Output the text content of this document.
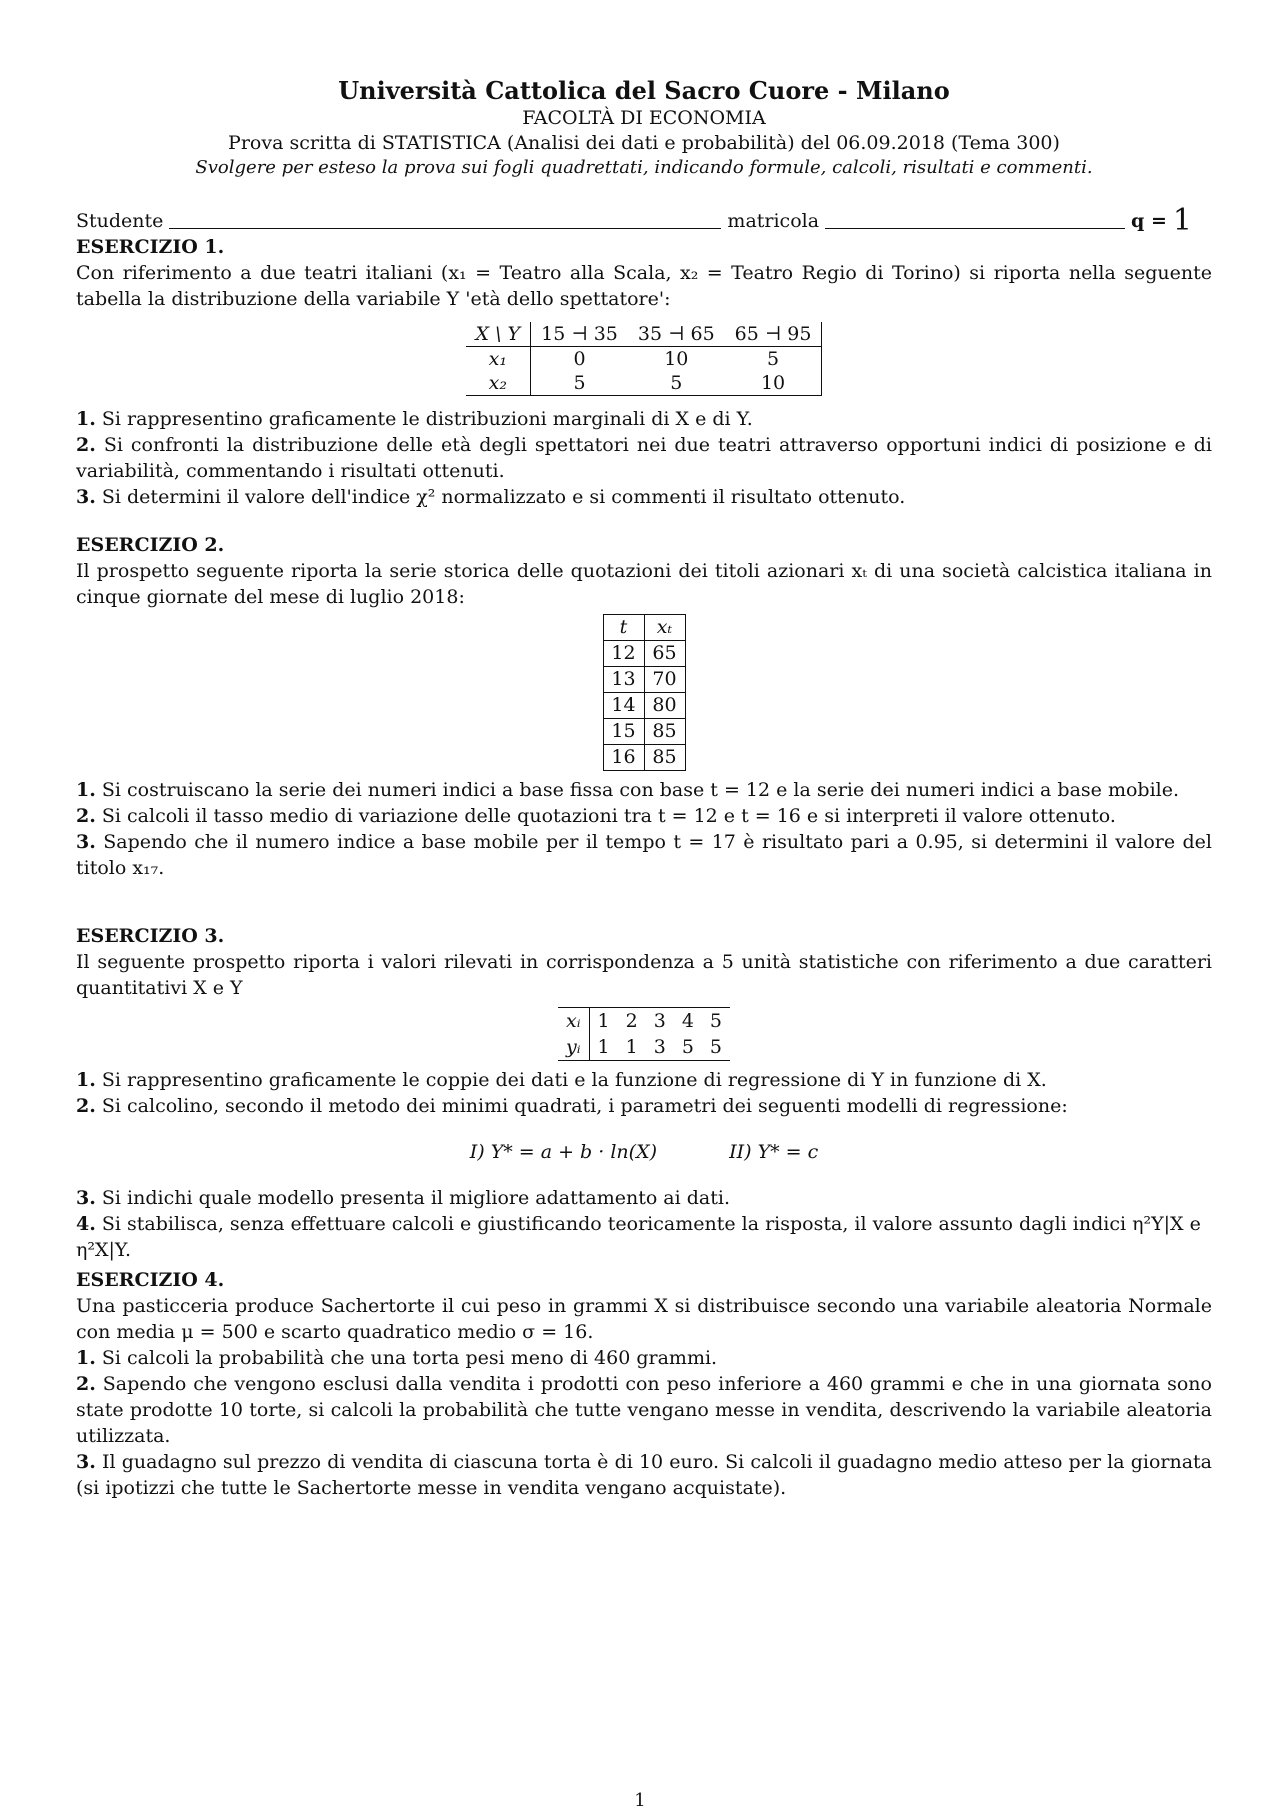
Università Cattolica del Sacro Cuore - Milano
FACOLTÀ DI ECONOMIA
Prova scritta di STATISTICA (Analisi dei dati e probabilità) del 06.09.2018 (Tema 300)
Svolgere per esteso la prova sui fogli quadrettati, indicando formule, calcoli, risultati e commenti.
Studente	matricola	q = 1
ESERCIZIO 1.
Con riferimento a due teatri italiani (x₁ = Teatro alla Scala, x₂ = Teatro Regio di Torino) si riporta nella seguente tabella la distribuzione della variabile Y 'età dello spettatore':
X \ Y	15 ⊣ 35	35 ⊣ 65	65 ⊣ 95
x₁	0	10	5
x₂	5	5	10
1. Si rappresentino graficamente le distribuzioni marginali di X e di Y.
2. Si confronti la distribuzione delle età degli spettatori nei due teatri attraverso opportuni indici di posizione e di variabilità, commentando i risultati ottenuti.
3. Si determini il valore dell'indice χ² normalizzato e si commenti il risultato ottenuto.
ESERCIZIO 2.
Il prospetto seguente riporta la serie storica delle quotazioni dei titoli azionari xₜ di una società calcistica italiana in cinque giornate del mese di luglio 2018:
t	xₜ
12	65
13	70
14	80
15	85
16	85
1. Si costruiscano la serie dei numeri indici a base fissa con base t = 12 e la serie dei numeri indici a base mobile.
2. Si calcoli il tasso medio di variazione delle quotazioni tra t = 12 e t = 16 e si interpreti il valore ottenuto.
3. Sapendo che il numero indice a base mobile per il tempo t = 17 è risultato pari a 0.95, si determini il valore del titolo x₁₇.
ESERCIZIO 3.
Il seguente prospetto riporta i valori rilevati in corrispondenza a 5 unità statistiche con riferimento a due caratteri quantitativi X e Y
xᵢ	1	2	3	4	5
yᵢ	1	1	3	5	5
1. Si rappresentino graficamente le coppie dei dati e la funzione di regressione di Y in funzione di X.
2. Si calcolino, secondo il metodo dei minimi quadrati, i parametri dei seguenti modelli di regressione:
I) Y* = a + b · ln(X)	II) Y* = c
3. Si indichi quale modello presenta il migliore adattamento ai dati.
4. Si stabilisca, senza effettuare calcoli e giustificando teoricamente la risposta, il valore assunto dagli indici η²Y|X e η²X|Y.
ESERCIZIO 4.
Una pasticceria produce Sachertorte il cui peso in grammi X si distribuisce secondo una variabile aleatoria Normale con media μ = 500 e scarto quadratico medio σ = 16.
1. Si calcoli la probabilità che una torta pesi meno di 460 grammi.
2. Sapendo che vengono esclusi dalla vendita i prodotti con peso inferiore a 460 grammi e che in una giornata sono state prodotte 10 torte, si calcoli la probabilità che tutte vengano messe in vendita, descrivendo la variabile aleatoria utilizzata.
3. Il guadagno sul prezzo di vendita di ciascuna torta è di 10 euro. Si calcoli il guadagno medio atteso per la giornata (si ipotizzi che tutte le Sachertorte messe in vendita vengano acquistate).
1
